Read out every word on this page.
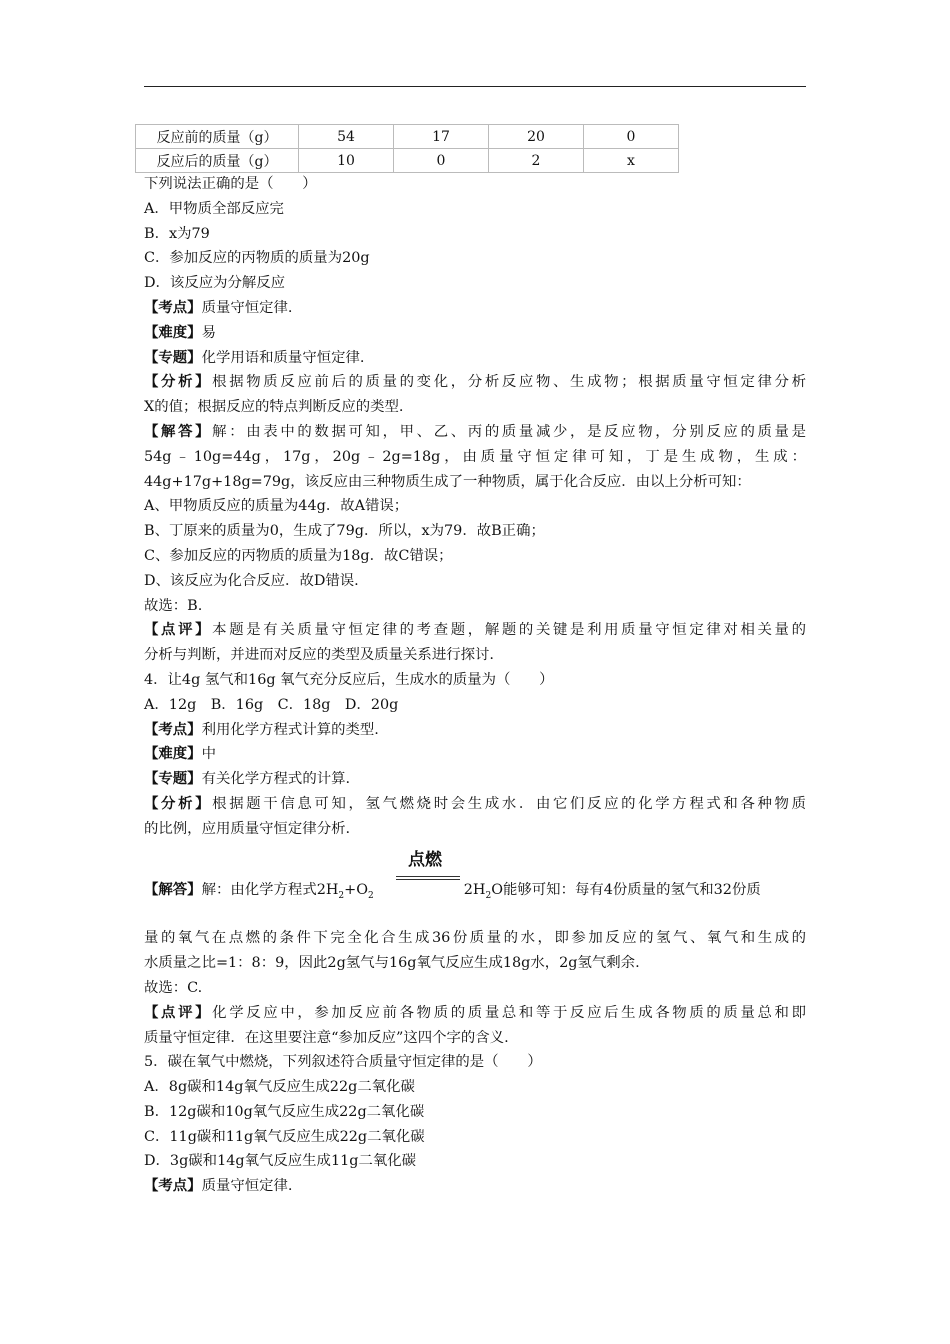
反应前的质量（g）	54	17	20	0
反应后的质量（g）	10	0	2	x

下列说法正确的是（　　）

A．甲物质全部反应完

B．x为79

C．参加反应的丙物质的质量为20g

D．该反应为分解反应

【考点】质量守恒定律.

【难度】易

【专题】化学用语和质量守恒定律.

【分析】根据物质反应前后的质量的变化，分析反应物、生成物；根据质量守恒定律分析

X的值；根据反应的特点判断反应的类型.

【解答】解：由表中的数据可知，甲、乙、丙的质量减少，是反应物，分别反应的质量是

54g﹣10g=44g，17g，20g﹣2g=18g，由质量守恒定律可知，丁是生成物，生成：

44g+17g+18g=79g，该反应由三种物质生成了一种物质，属于化合反应．由以上分析可知：

A、甲物质反应的质量为44g．故A错误；

B、丁原来的质量为0，生成了79g．所以，x为79．故B正确；

C、参加反应的丙物质的质量为18g．故C错误；

D、该反应为化合反应．故D错误.

故选：B.

【点评】本题是有关质量守恒定律的考查题，解题的关键是利用质量守恒定律对相关量的

分析与判断，并进而对反应的类型及质量关系进行探讨.

4．让4g 氢气和16g 氧气充分反应后，生成水的质量为（　　）

A．12g　B．16g　C．18g　D．20g

【考点】利用化学方程式计算的类型.

【难度】中

【专题】有关化学方程式的计算.

【分析】根据题干信息可知，氢气燃烧时会生成水．由它们反应的化学方程式和各种物质

的比例，应用质量守恒定律分析.

点燃
【解答】解：由化学方程式$2H_2+O_2$	$2H_2O$能够可知：每有4份质量的氢气和32份质

量的氧气在点燃的条件下完全化合生成36份质量的水，即参加反应的氢气、氧气和生成的

水质量之比=1：8：9，因此2g氢气与16g氧气反应生成18g水，2g氢气剩余.

故选：C.

【点评】化学反应中，参加反应前各物质的质量总和等于反应后生成各物质的质量总和即

质量守恒定律．在这里要注意“参加反应”这四个字的含义.

5．碳在氧气中燃烧，下列叙述符合质量守恒定律的是（　　）

A．8g碳和14g氧气反应生成22g二氧化碳

B．12g碳和10g氧气反应生成22g二氧化碳

C．11g碳和11g氧气反应生成22g二氧化碳

D．3g碳和14g氧气反应生成11g二氧化碳

【考点】质量守恒定律.
